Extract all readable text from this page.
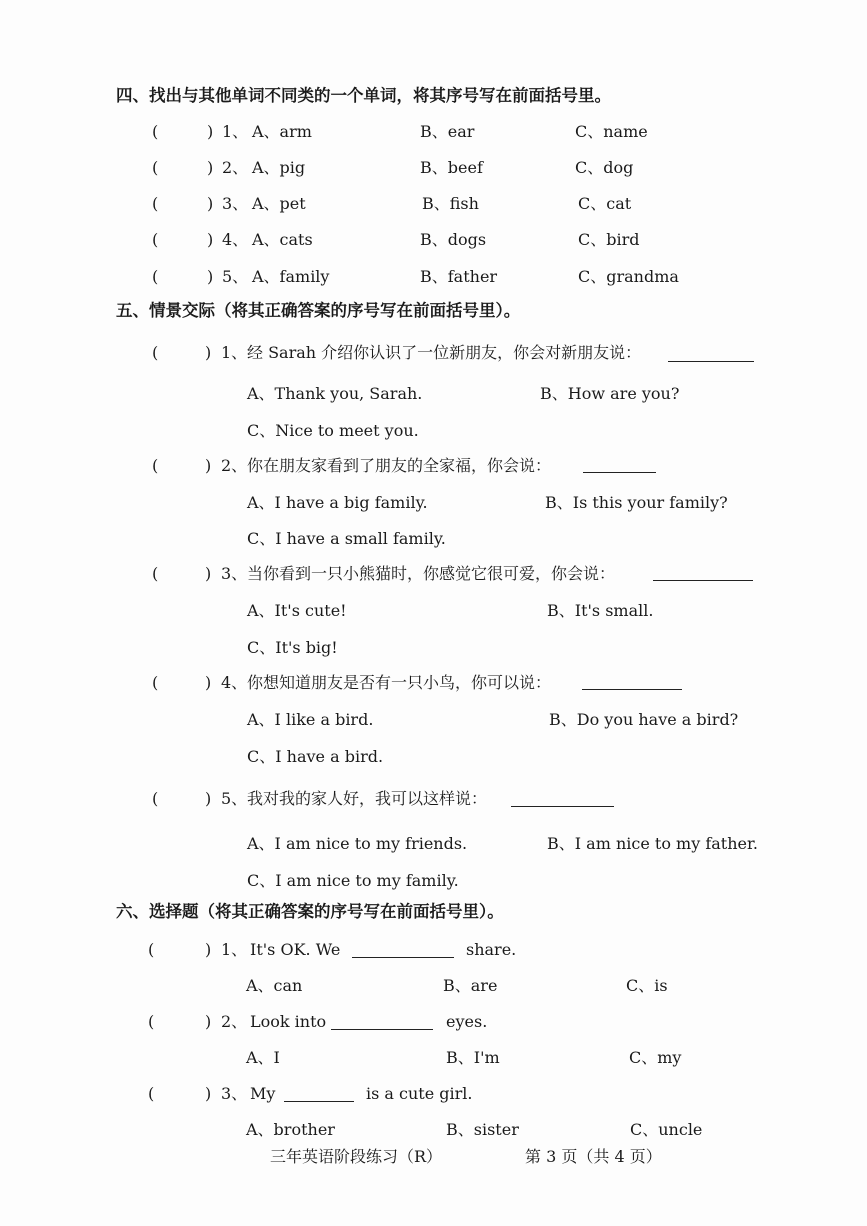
四、找出与其他单词不同类的一个单词，将其序号写在前面括号里。
(	) 1、 A、arm	B、ear	C、name
(	) 2、 A、pig	B、beef	C、dog
(	) 3、 A、pet	B、fish	C、cat
(	) 4、 A、cats	B、dogs	C、bird
(	) 5、 A、family	B、father	C、grandma
五、情景交际（将其正确答案的序号写在前面括号里）。
(	) 1、 经 Sarah 介绍你认识了一位新朋友，你会对新朋友说：
A、Thank you, Sarah.	B、How are you?
C、Nice to meet you.
(	) 2、 你在朋友家看到了朋友的全家福，你会说：
A、I have a big family.	B、Is this your family?
C、I have a small family.
(	) 3、 当你看到一只小熊猫时，你感觉它很可爱，你会说：
A、It's cute!	B、It's small.
C、It's big!
(	) 4、 你想知道朋友是否有一只小鸟，你可以说：
A、I like a bird.	B、Do you have a bird?
C、I have a bird.
(	) 5、 我对我的家人好，我可以这样说：
A、I am nice to my friends.	B、I am nice to my father.
C、I am nice to my family.
六、选择题（将其正确答案的序号写在前面括号里）。
(	) 1、 It's OK. We	share.
A、can	B、are	C、is
(	) 2、 Look into	eyes.
A、I	B、I'm	C、my
(	) 3、 My	is a cute girl.
A、brother	B、sister	C、uncle
三年英语阶段练习（R）	第 3 页（共 4 页）
